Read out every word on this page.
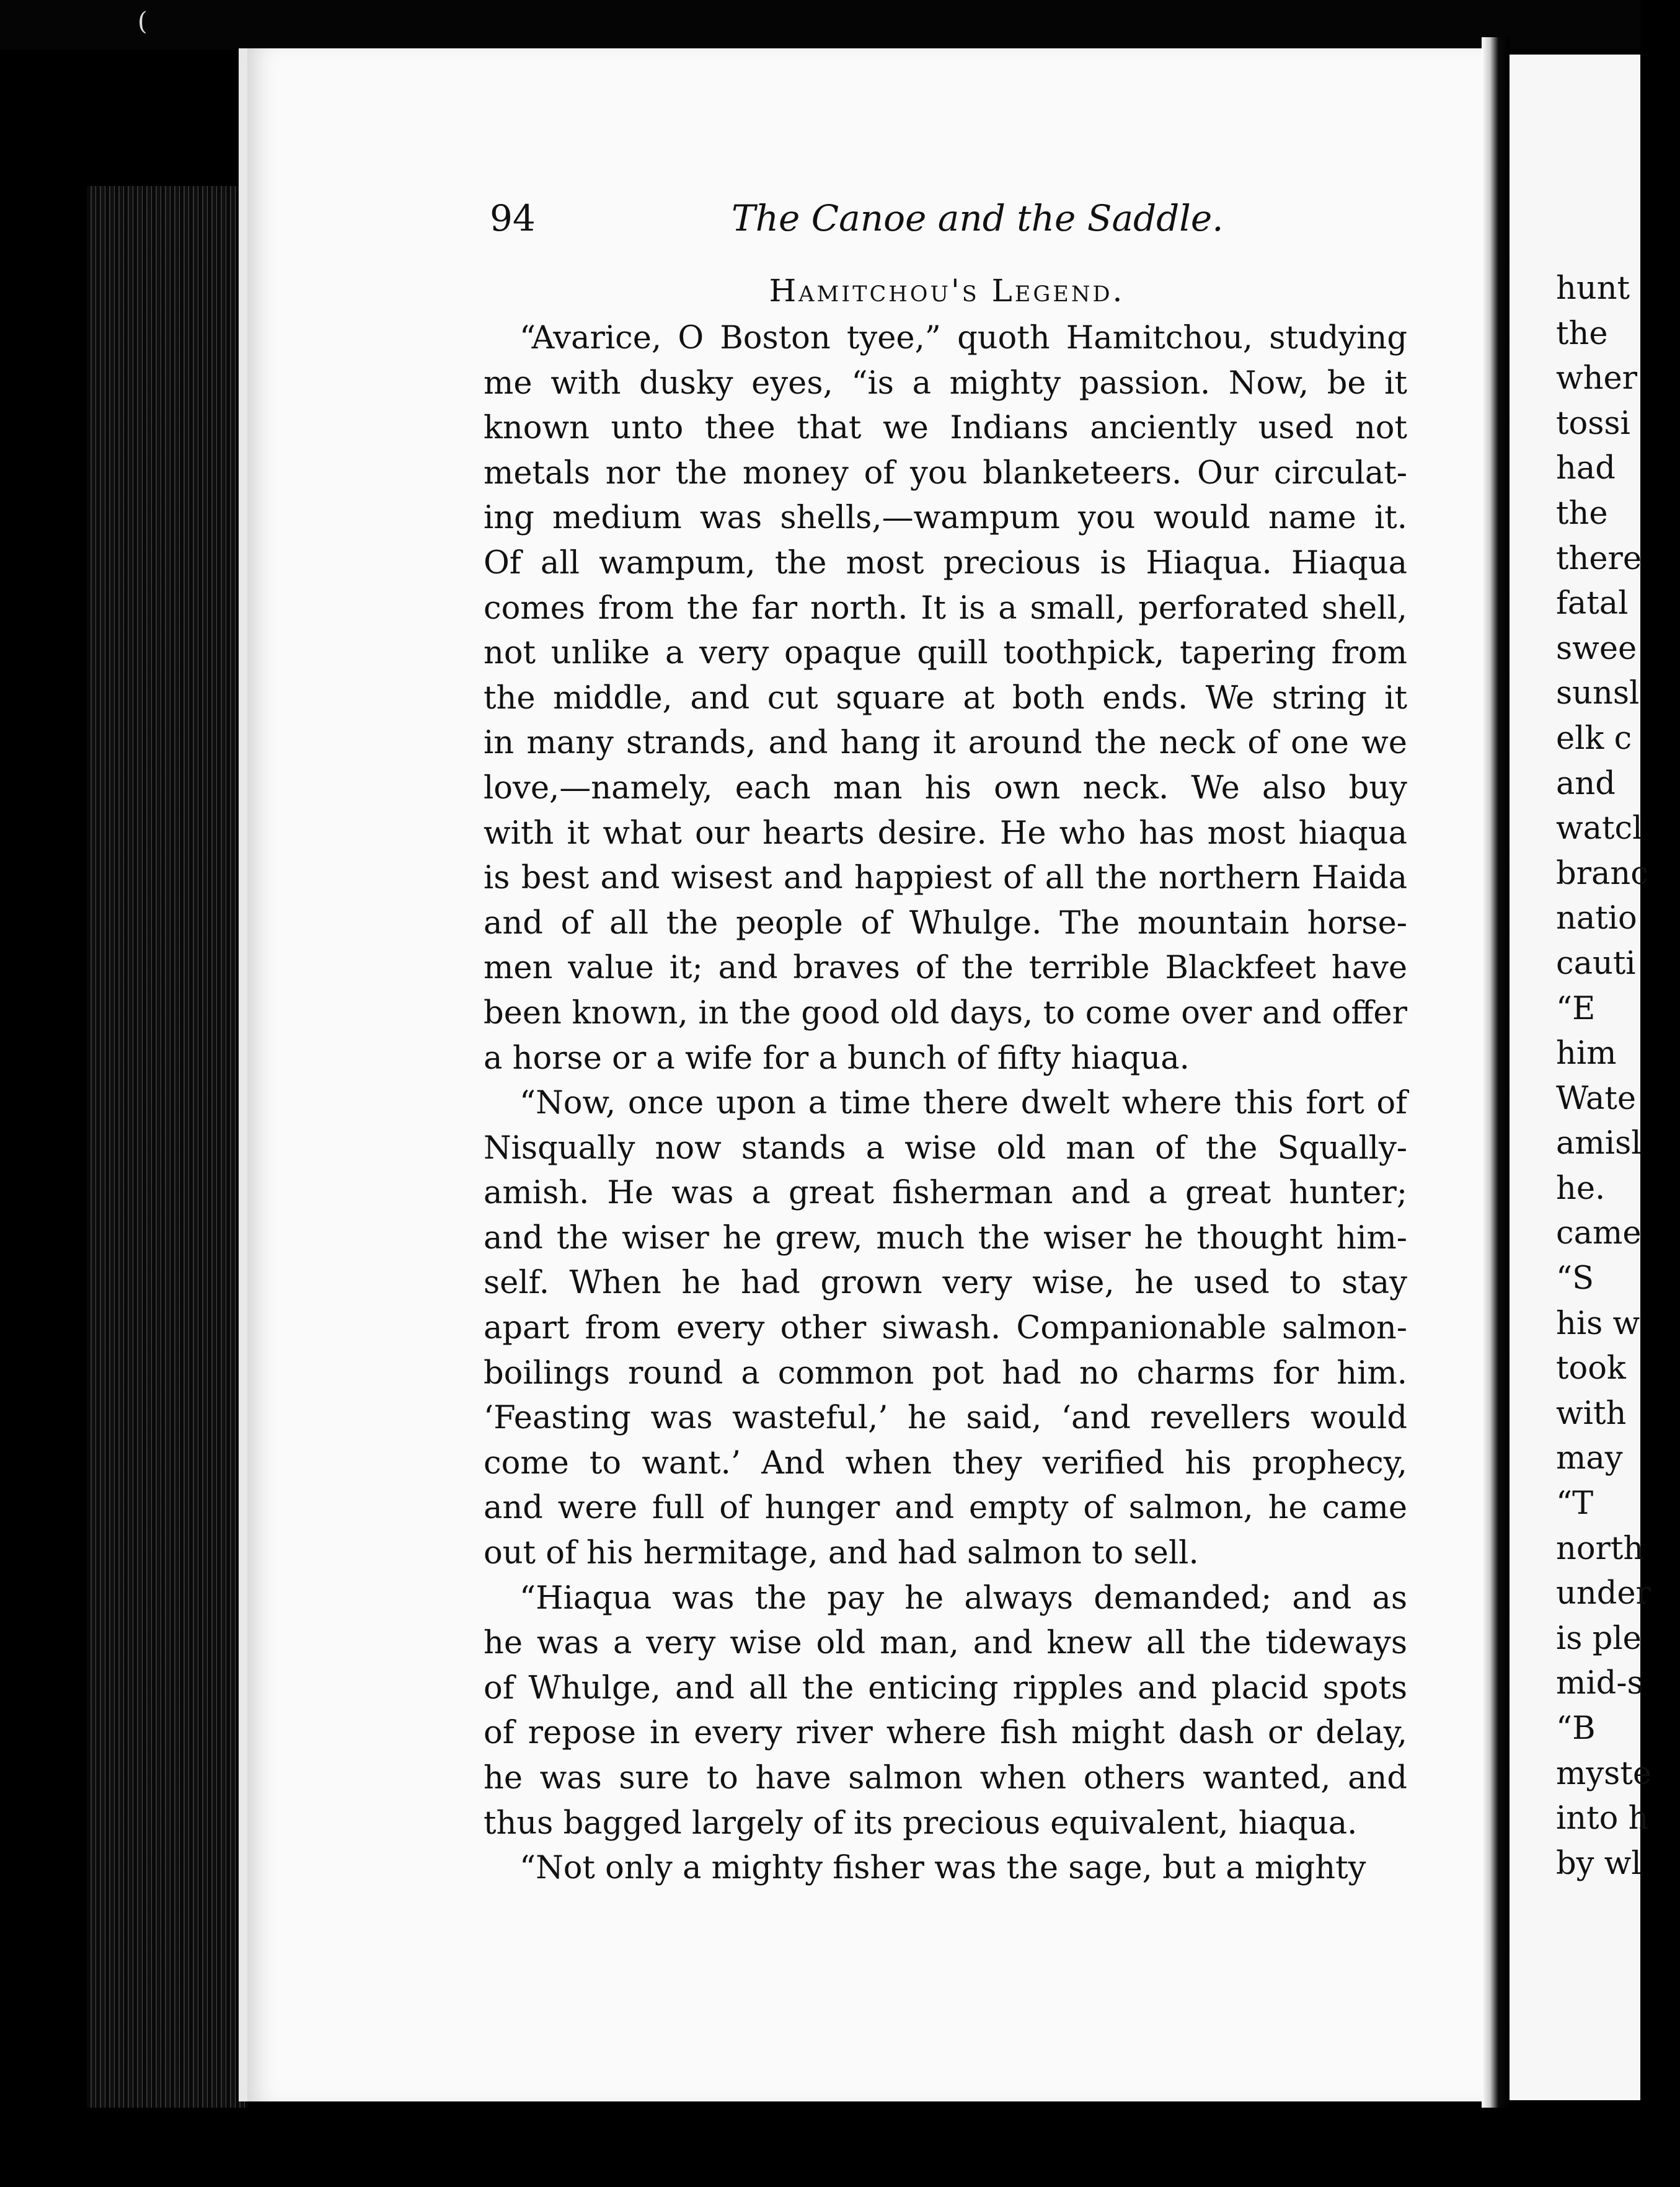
(
94	The Canoe and the Saddle.
Hamitchou's Legend.

“Avarice, O Boston tyee,” quoth Hamitchou, studying
me with dusky eyes, “is a mighty passion. Now, be it
known unto thee that we Indians anciently used not
metals nor the money of you blanketeers. Our circulat-
ing medium was shells,—wampum you would name it.
Of all wampum, the most precious is Hiaqua. Hiaqua
comes from the far north. It is a small, perforated shell,
not unlike a very opaque quill toothpick, tapering from
the middle, and cut square at both ends. We string it
in many strands, and hang it around the neck of one we
love,—namely, each man his own neck. We also buy
with it what our hearts desire. He who has most hiaqua
is best and wisest and happiest of all the northern Haida
and of all the people of Whulge. The mountain horse-
men value it; and braves of the terrible Blackfeet have
been known, in the good old days, to come over and offer
a horse or a wife for a bunch of fifty hiaqua.

“Now, once upon a time there dwelt where this fort of
Nisqually now stands a wise old man of the Squally-
amish. He was a great fisherman and a great hunter;
and the wiser he grew, much the wiser he thought him-
self. When he had grown very wise, he used to stay
apart from every other siwash. Companionable salmon-
boilings round a common pot had no charms for him.
‘Feasting was wasteful,’ he said, ‘and revellers would
come to want.’ And when they verified his prophecy,
and were full of hunger and empty of salmon, he came
out of his hermitage, and had salmon to sell.

“Hiaqua was the pay he always demanded; and as
he was a very wise old man, and knew all the tideways
of Whulge, and all the enticing ripples and placid spots
of repose in every river where fish might dash or delay,
he was sure to have salmon when others wanted, and
thus bagged largely of its precious equivalent, hiaqua.

“Not only a mighty fisher was the sage, but a mighty

hunt
the
wher
tossi
had
the
there
fatal
swee
sunsl
elk c
and
watcl
branc
natio
cauti
“E
him
Wate
amisl
he.
came
“S
his w
took
with
may
“T
north
under
is ple
mid-s
“B
myste
into h
by wl
